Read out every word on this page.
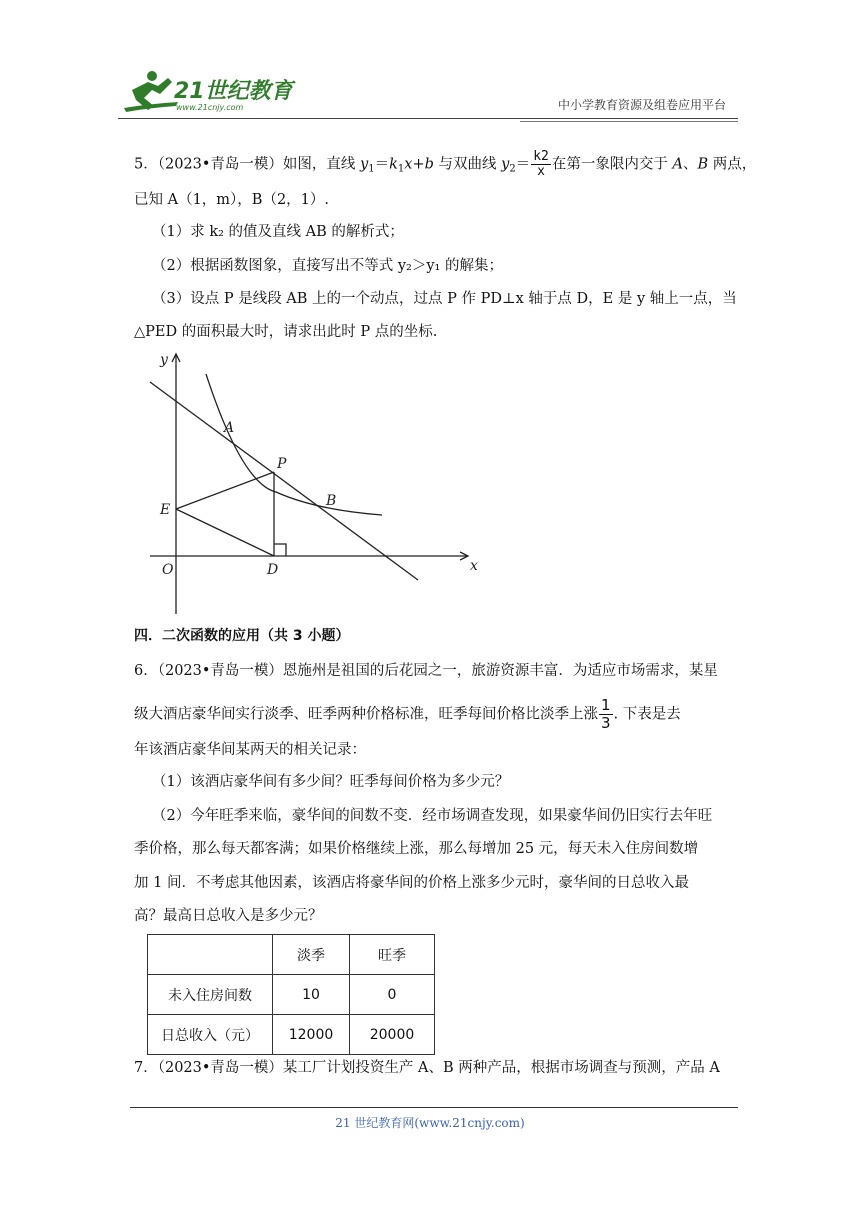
21世纪教育
www.21cnjy.com	中小学教育资源及组卷应用平台
5．（2023•青岛一模）如图，直线 $y_1=k_1x+b$ 与双曲线 $y_2= \frac{k2}{x}$ 在第一象限内交于 A、B 两点，
已知 A（1，m），B（2，1）.
（1）求 k₂ 的值及直线 AB 的解析式；
（2）根据函数图象，直接写出不等式 y₂＞y₁ 的解集；
（3）设点 P 是线段 AB 上的一个动点，过点 P 作 PD⊥x 轴于点 D，E 是 y 轴上一点，当
△PED 的面积最大时，请求出此时 P 点的坐标.
y
x
O
A
B
P
E
D
四．二次函数的应用（共 3 小题）
6．（2023•青岛一模）恩施州是祖国的后花园之一，旅游资源丰富．为适应市场需求，某星
级大酒店豪华间实行淡季、旺季两种价格标准，旺季每间价格比淡季上涨 $\frac{1}{3}$ . 下表是去
年该酒店豪华间某两天的相关记录：
（1）该酒店豪华间有多少间？旺季每间价格为多少元？
（2）今年旺季来临，豪华间的间数不变．经市场调查发现，如果豪华间仍旧实行去年旺
季价格，那么每天都客满；如果价格继续上涨，那么每增加 25 元，每天未入住房间数增
加 1 间．不考虑其他因素，该酒店将豪华间的价格上涨多少元时，豪华间的日总收入最
高？最高日总收入是多少元？
	淡季	旺季
未入住房间数	10	0
日总收入（元）	12000	20000
7．（2023•青岛一模）某工厂计划投资生产 A、B 两种产品，根据市场调查与预测，产品 A
21 世纪教育网(www.21cnjy.com)
